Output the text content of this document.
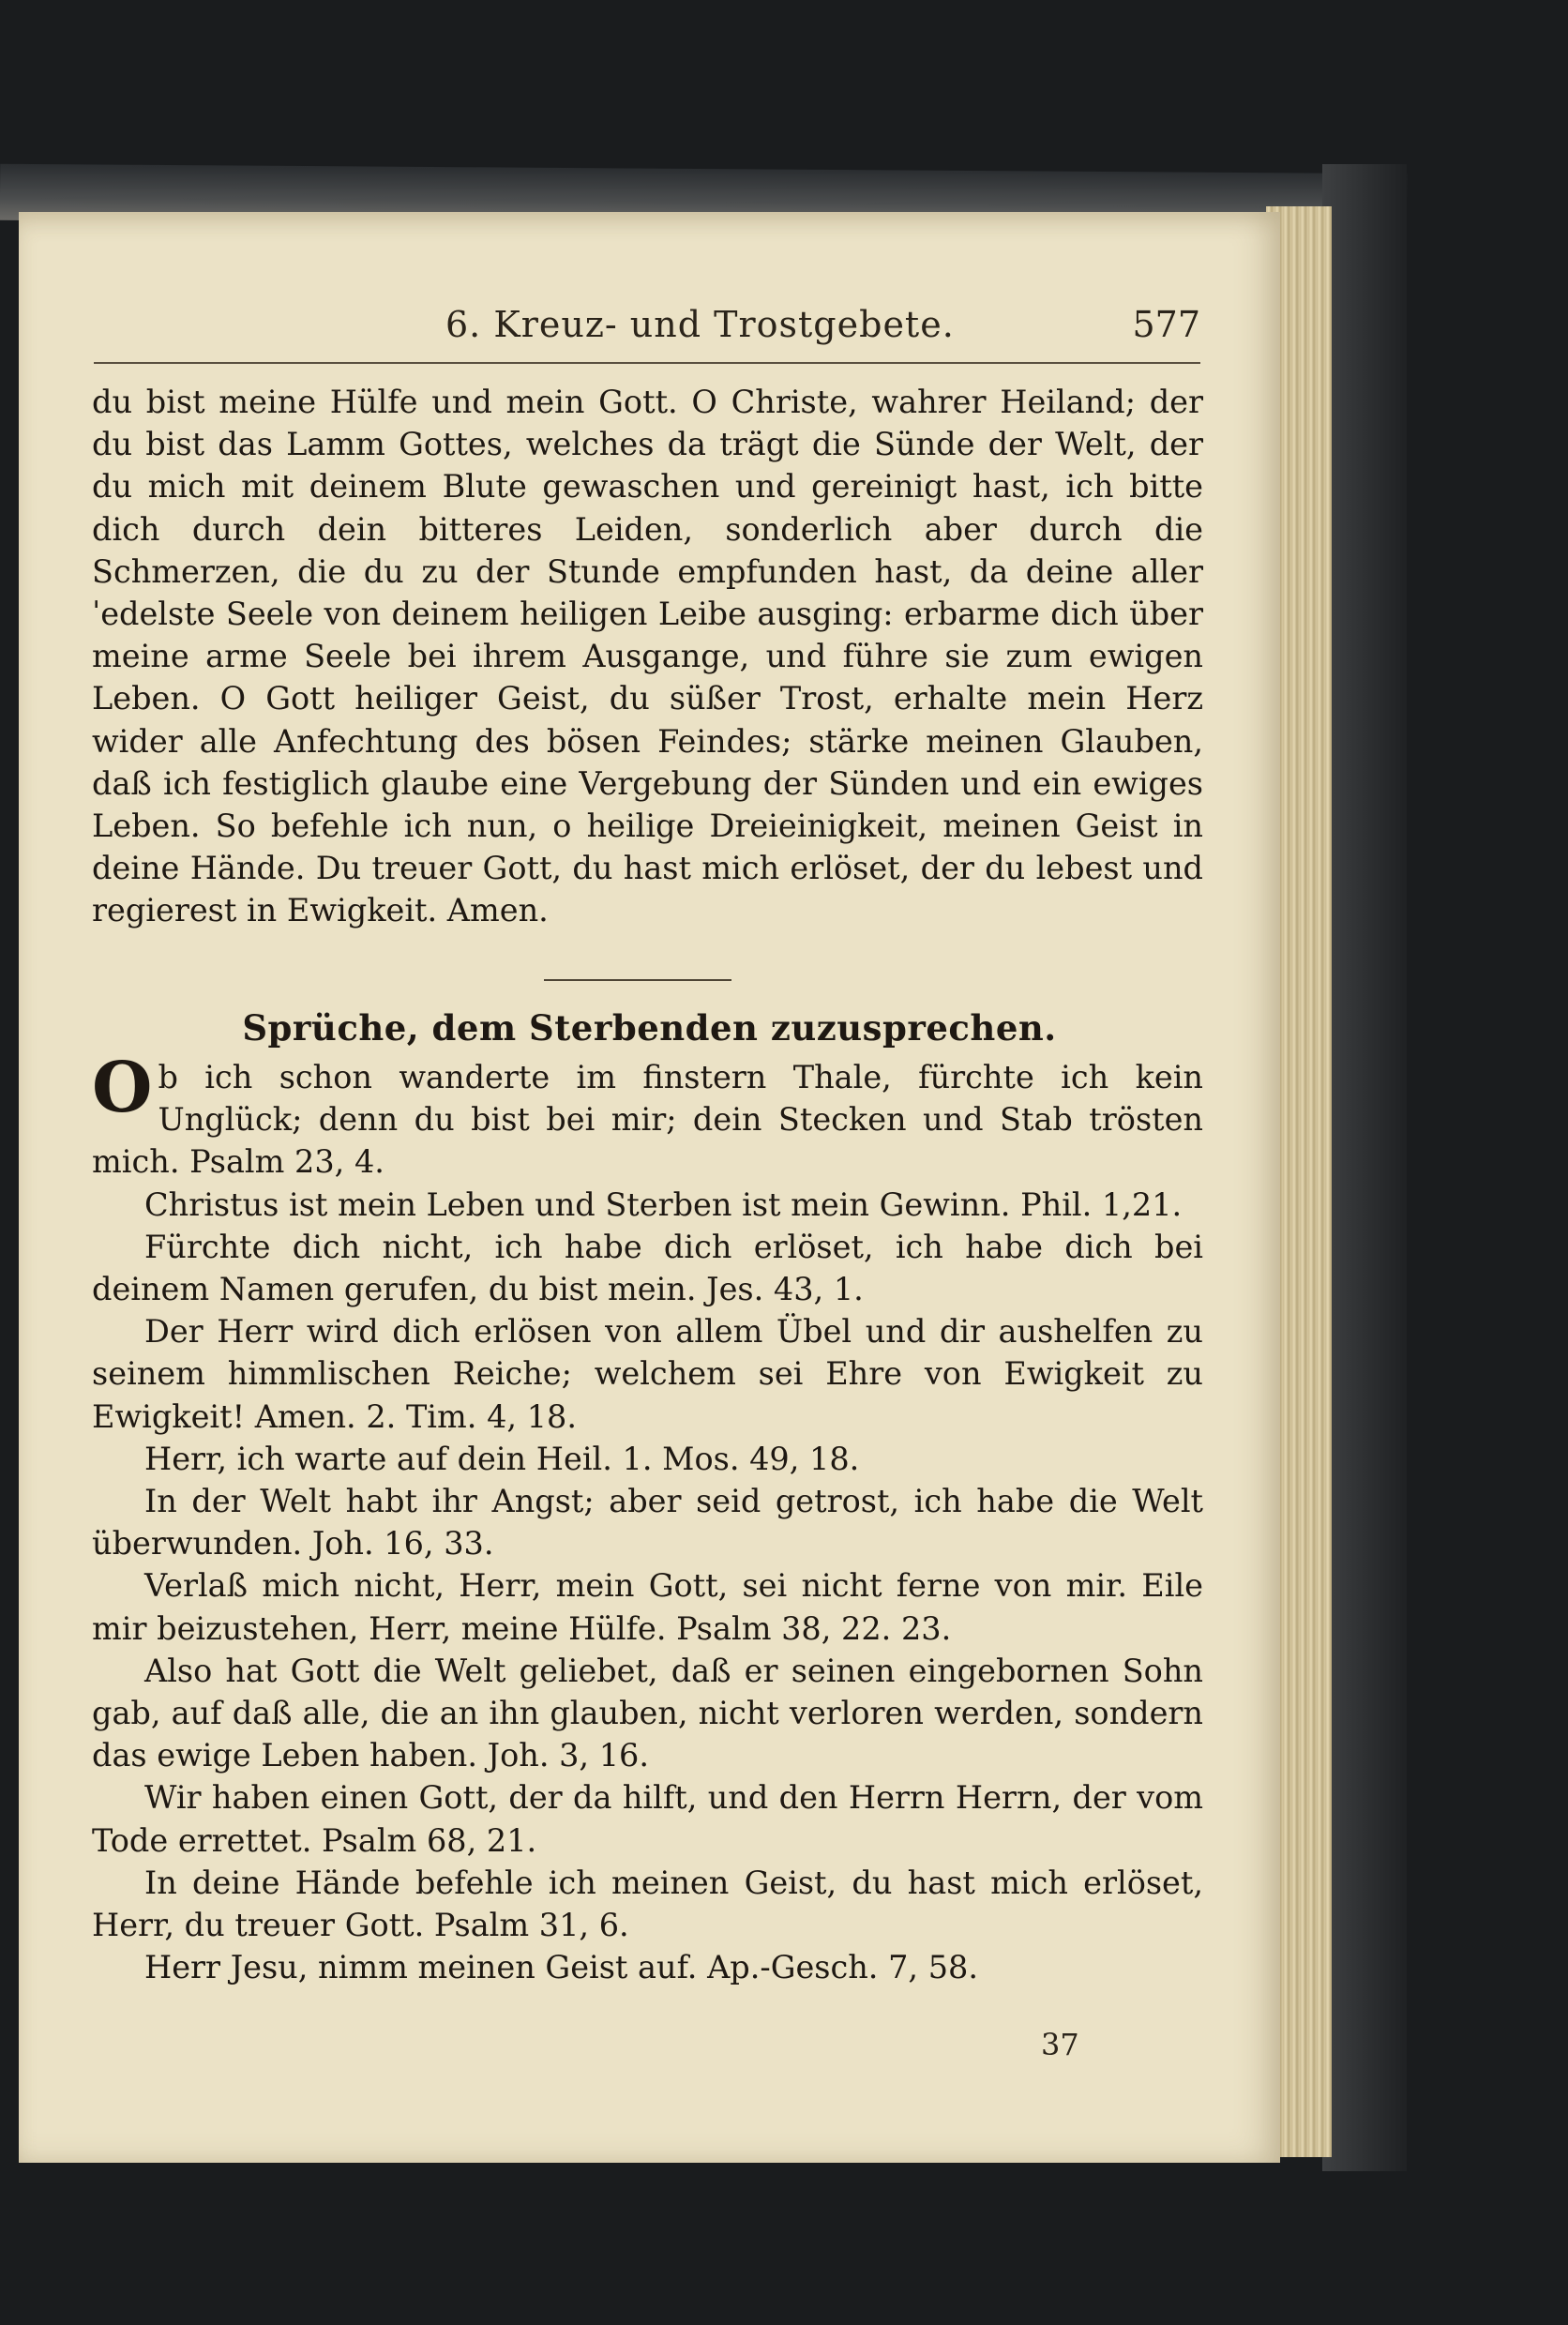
6. Kreuz- und Trostgebete.	577

du bist meine Hülfe und mein Gott. O Christe, wahrer Heiland; der du bist das Lamm Gottes, welches da trägt die Sünde der Welt, der du mich mit deinem Blute gewaschen und gereinigt hast, ich bitte dich durch dein bitteres Leiden, sonderlich aber durch die Schmerzen, die du zu der Stunde empfunden hast, da deine allerˈedelste Seele von deinem heiligen Leibe ausging: erbarme dich über meine arme Seele bei ihrem Ausgange, und führe sie zum ewigen Leben. O Gott heiliger Geist, du süßer Trost, erhalte mein Herz wider alle Anfechtung des bösen Feindes; stärke meinen Glauben, daß ich festiglich glaube eine Vergebung der Sünden und ein ewiges Leben. So befehle ich nun, o heilige Dreieinigkeit, meinen Geist in deine Hände. Du treuer Gott, du hast mich erlöset, der du lebest und regierest in Ewigkeit. Amen.

Sprüche, dem Sterbenden zuzusprechen.

Ob ich schon wanderte im finstern Thale, fürchte ich kein Unglück; denn du bist bei mir; dein Stecken und Stab trösten mich. Psalm 23, 4.

Christus ist mein Leben und Sterben ist mein Gewinn. Phil. 1,21.

Fürchte dich nicht, ich habe dich erlöset, ich habe dich bei deinem Namen gerufen, du bist mein. Jes. 43, 1.

Der Herr wird dich erlösen von allem Übel und dir aushelfen zu seinem himmlischen Reiche; welchem sei Ehre von Ewigkeit zu Ewigkeit! Amen. 2. Tim. 4, 18.

Herr, ich warte auf dein Heil. 1. Mos. 49, 18.

In der Welt habt ihr Angst; aber seid getrost, ich habe die Welt überwunden. Joh. 16, 33.

Verlaß mich nicht, Herr, mein Gott, sei nicht ferne von mir. Eile mir beizustehen, Herr, meine Hülfe. Psalm 38, 22. 23.

Also hat Gott die Welt geliebet, daß er seinen eingebornen Sohn gab, auf daß alle, die an ihn glauben, nicht verloren werden, sondern das ewige Leben haben. Joh. 3, 16.

Wir haben einen Gott, der da hilft, und den Herrn Herrn, der vom Tode errettet. Psalm 68, 21.

In deine Hände befehle ich meinen Geist, du hast mich erlöset, Herr, du treuer Gott. Psalm 31, 6.

Herr Jesu, nimm meinen Geist auf. Ap.-Gesch. 7, 58.

37
